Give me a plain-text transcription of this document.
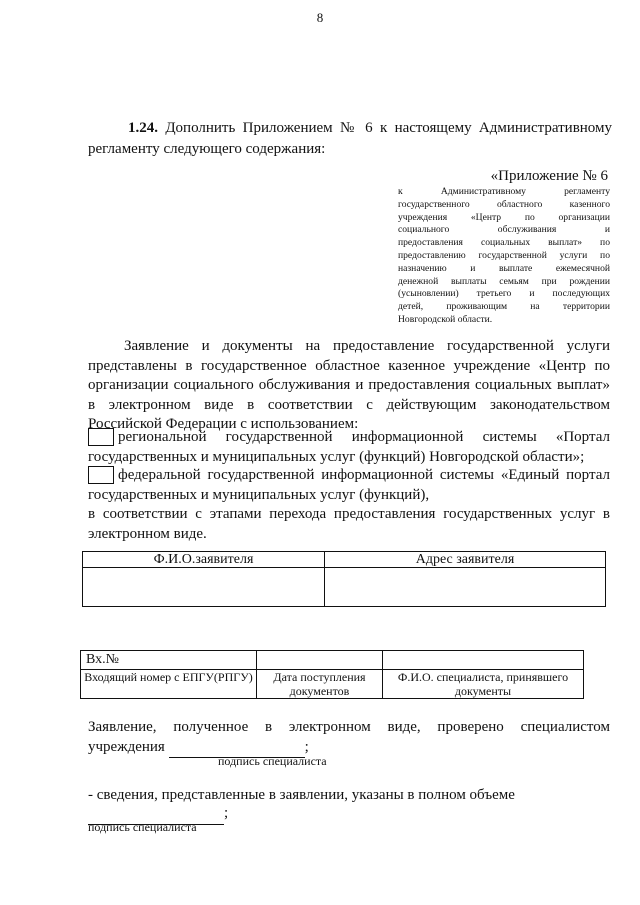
8
1.24. Дополнить Приложением № 6 к настоящему Административному регламенту следующего содержания:
«Приложение № 6
к Административному регламенту
государственного областного казенного
учреждения «Центр по организации
социального обслуживания и
предоставления социальных выплат» по
предоставлению государственной услуги по
назначению и выплате ежемесячной
денежной выплаты семьям при рождении
(усыновлении) третьего и последующих
детей, проживающим на территории
Новгородской области.
Заявление и документы на предоставление государственной услуги представлены в государственное областное казенное учреждение «Центр по организации социального обслуживания и предоставления социальных выплат» в электронном виде в соответствии с действующим законодательством Российской Федерации с использованием:
региональной государственной информационной системы «Портал государственных и муниципальных услуг (функций) Новгородской области»;
федеральной государственной информационной системы «Единый портал государственных и муниципальных услуг (функций),
в соответствии с этапами перехода предоставления государственных услуг в электронном виде.
Ф.И.О.заявителя	Адрес заявителя

Вх.№		
Входящий номер с ЕПГУ(РПГУ)	Дата поступления документов	Ф.И.О. специалиста, принявшего документы
Заявление, полученное в электронном виде, проверено специалистом учреждения	;
подпись специалиста
- сведения, представленные в заявлении, указаны в полном объеме
;
подпись специалиста
